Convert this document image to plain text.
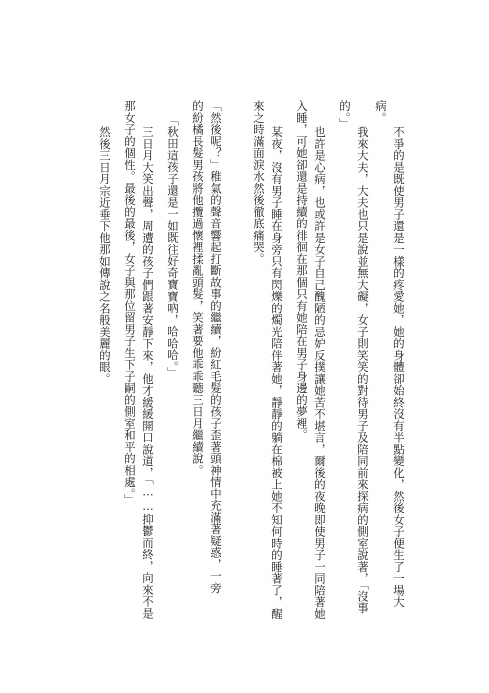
不爭的是既使男子還是一樣的疼愛她，她的身體卻始終沒有半點變化，然後女子便生了一場大
病。
我來大夫，大夫也只是說並無大礙，女子則笑笑的對待男子及陪同前來探病的側室說著，「沒事
的。」
也許是心病，也或許是女子自己醜陋的忌妒反撲讓她苦不堪言，爾後的夜晚即使男子一同陪著她
入睡，可她卻還是持續的徘徊在那個只有她陪在男子身邊的夢裡。
某夜，沒有男子睡在身旁只有閃爍的燭光陪伴著她，靜靜的躺在棉被上她不知何時的睡著了，醒
來之時滿面淚水然後徹底痛哭。
「然後呢？」稚氣的聲音響起打斷故事的繼續，紛紅毛髮的孩子歪著頭神情中充滿著疑惑，一旁
的紛橘長髮男孩將他攬過懷裡揉亂頭髮，笑著要他乖乖聽三日月繼續說。
「秋田這孩子還是一如既往好奇寶寶吶，哈哈哈。」
三日月大笑出聲，周遭的孩子們跟著安靜下來，他才緩緩開口說道，「……抑鬱而終，向來不是
那女子的個性。最後的最後，女子與那位留男子生下子嗣的側室和平的相處。」
然後三日月宗近垂下他那如傳說之名般美麗的眼。
